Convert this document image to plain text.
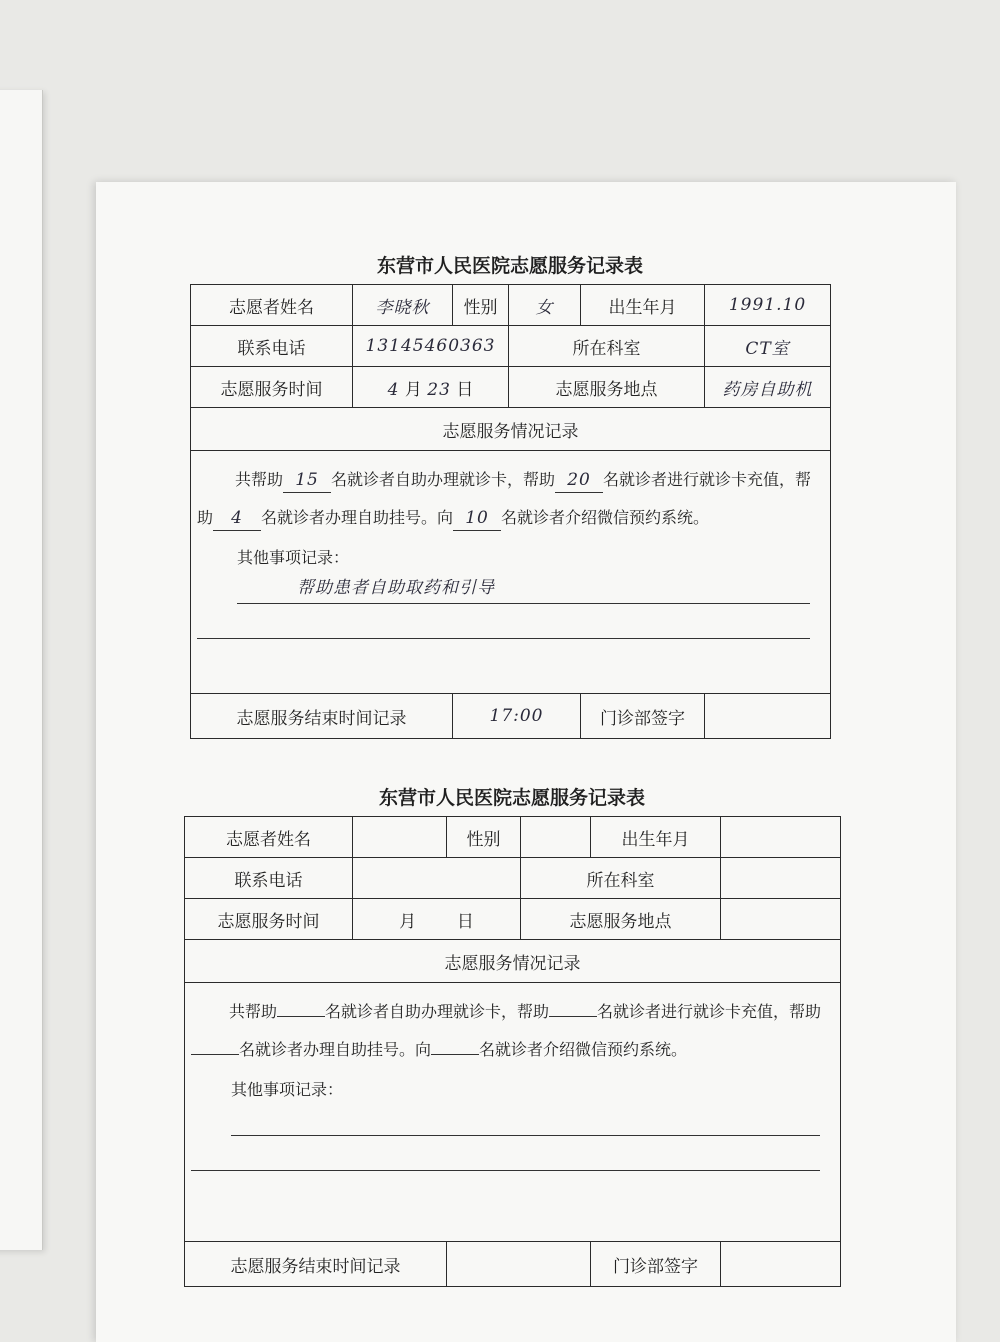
东营市人民医院志愿服务记录表
志愿者姓名	李晓秋	性别	女	出生年月	1991.10
联系电话	13145460363		所在科室		CT室
志愿服务时间	4 月 23 日		志愿服务地点		药房自助机
志愿服务情况记录					

共帮助 15 名就诊者自助办理就诊卡，帮助 20 名就诊者进行就诊卡充值，帮助 4 名就诊者办理自助挂号。向 10 名就诊者介绍微信预约系统。
其他事项记录：
帮助患者自助取药和引导					

志愿服务结束时间记录		17:00		门诊部签字	
东营市人民医院志愿服务记录表
志愿者姓名		性别		出生年月	
联系电话			所在科室		
志愿服务时间	月 日		志愿服务地点		
志愿服务情况记录					

共帮助 名就诊者自助办理就诊卡，帮助 名就诊者进行就诊卡充值，帮助名就诊者办理自助挂号。向 名就诊者介绍微信预约系统。
其他事项记录：					

志愿服务结束时间记录				门诊部签字	
